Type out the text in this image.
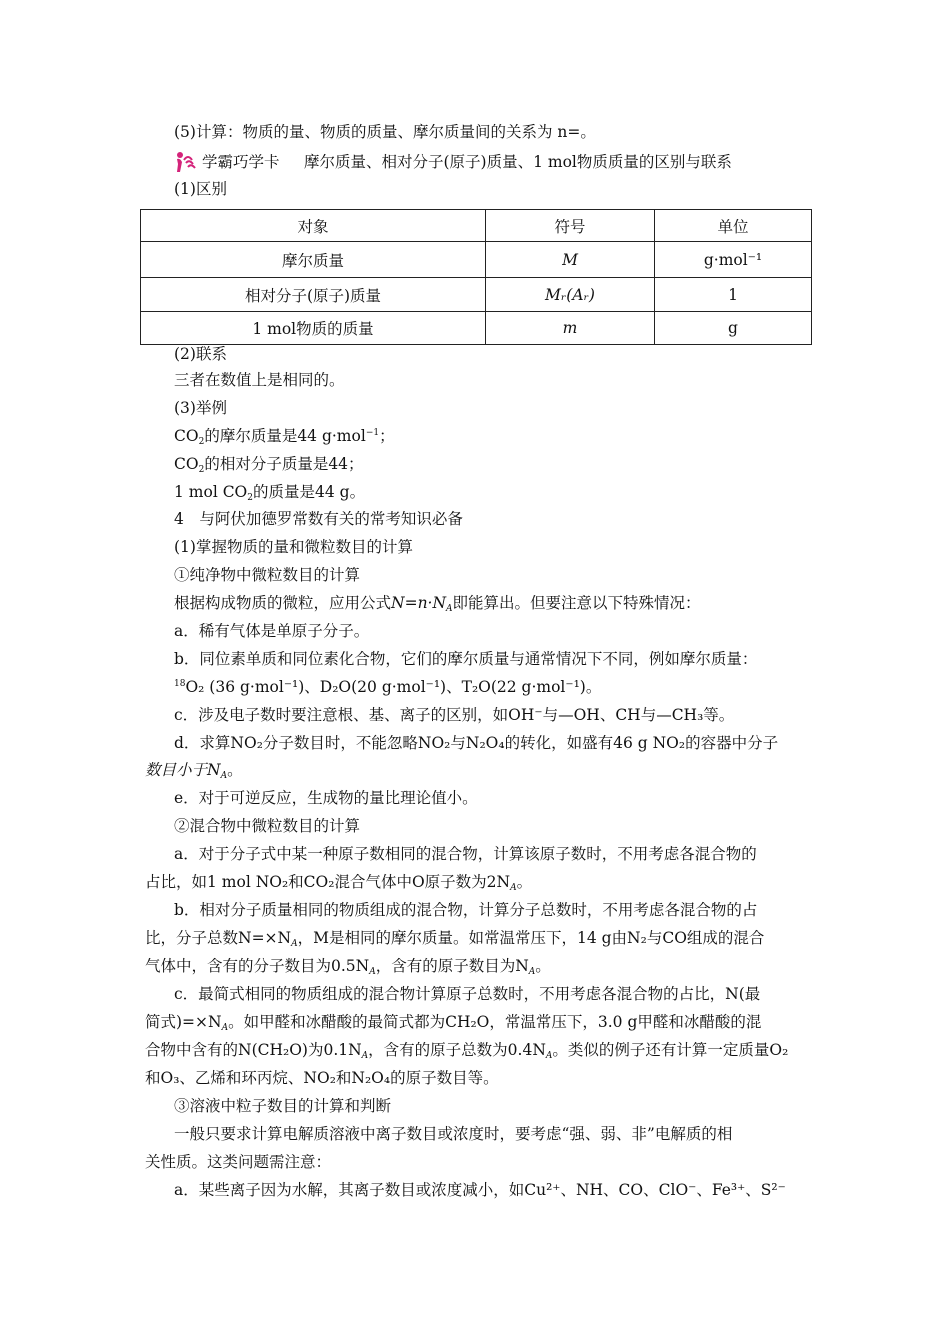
(5)计算：物质的量、物质的质量、摩尔质量间的关系为 n=。
学霸巧学卡 摩尔质量、相对分子(原子)质量、1 mol物质质量的区别与联系
(1)区别
对象	符号	单位
摩尔质量	M	g·mol⁻¹
相对分子(原子)质量	Mᵣ(Aᵣ)	1
1 mol物质的质量	m	g
(2)联系
三者在数值上是相同的。
(3)举例
$CO_2$的摩尔质量是44 g·mol$^{-1}$；
$CO_2$的相对分子质量是44；
1 mol $CO_2$的质量是44 g。
4　与阿伏加德罗常数有关的常考知识必备
(1)掌握物质的量和微粒数目的计算
①纯净物中微粒数目的计算
根据构成物质的微粒，应用公式$N=n\cdot N_A$即能算出。但要注意以下特殊情况：
a．稀有气体是单原子分子。
b．同位素单质和同位素化合物，它们的摩尔质量与通常情况下不同，例如摩尔质量：
$^{18}$O₂ (36 g·mol⁻¹)、D₂O(20 g·mol⁻¹)、T₂O(22 g·mol⁻¹)。
c．涉及电子数时要注意根、基、离子的区别，如OH⁻与—OH、CH与—CH₃等。
d．求算NO₂分子数目时，不能忽略NO₂与N₂O₄的转化，如盛有46 g NO₂的容器中分子
数目小于$N_A$。
e．对于可逆反应，生成物的量比理论值小。
②混合物中微粒数目的计算
a．对于分子式中某一种原子数相同的混合物，计算该原子数时，不用考虑各混合物的
占比，如1 mol NO₂和CO₂混合气体中O原子数为$2N_A$。
b．相对分子质量相同的物质组成的混合物，计算分子总数时，不用考虑各混合物的占
比，分子总数$N=\times N_A$，M是相同的摩尔质量。如常温常压下，14 g由N₂与CO组成的混合
气体中，含有的分子数目为$0.5N_A$，含有的原子数目为$N_A$。
c．最简式相同的物质组成的混合物计算原子总数时，不用考虑各混合物的占比，N(最
简式)$=\times N_A$。如甲醛和冰醋酸的最简式都为CH₂O，常温常压下，3.0 g甲醛和冰醋酸的混
合物中含有的N(CH₂O)为$0.1N_A$，含有的原子总数为$0.4N_A$。类似的例子还有计算一定质量O₂
和O₃、乙烯和环丙烷、NO₂和N₂O₄的原子数目等。
③溶液中粒子数目的计算和判断
一般只要求计算电解质溶液中离子数目或浓度时，要考虑“强、弱、非”电解质的相
关性质。这类问题需注意：
a．某些离子因为水解，其离子数目或浓度减小，如Cu²⁺、NH、CO、ClO⁻、Fe³⁺、S²⁻
